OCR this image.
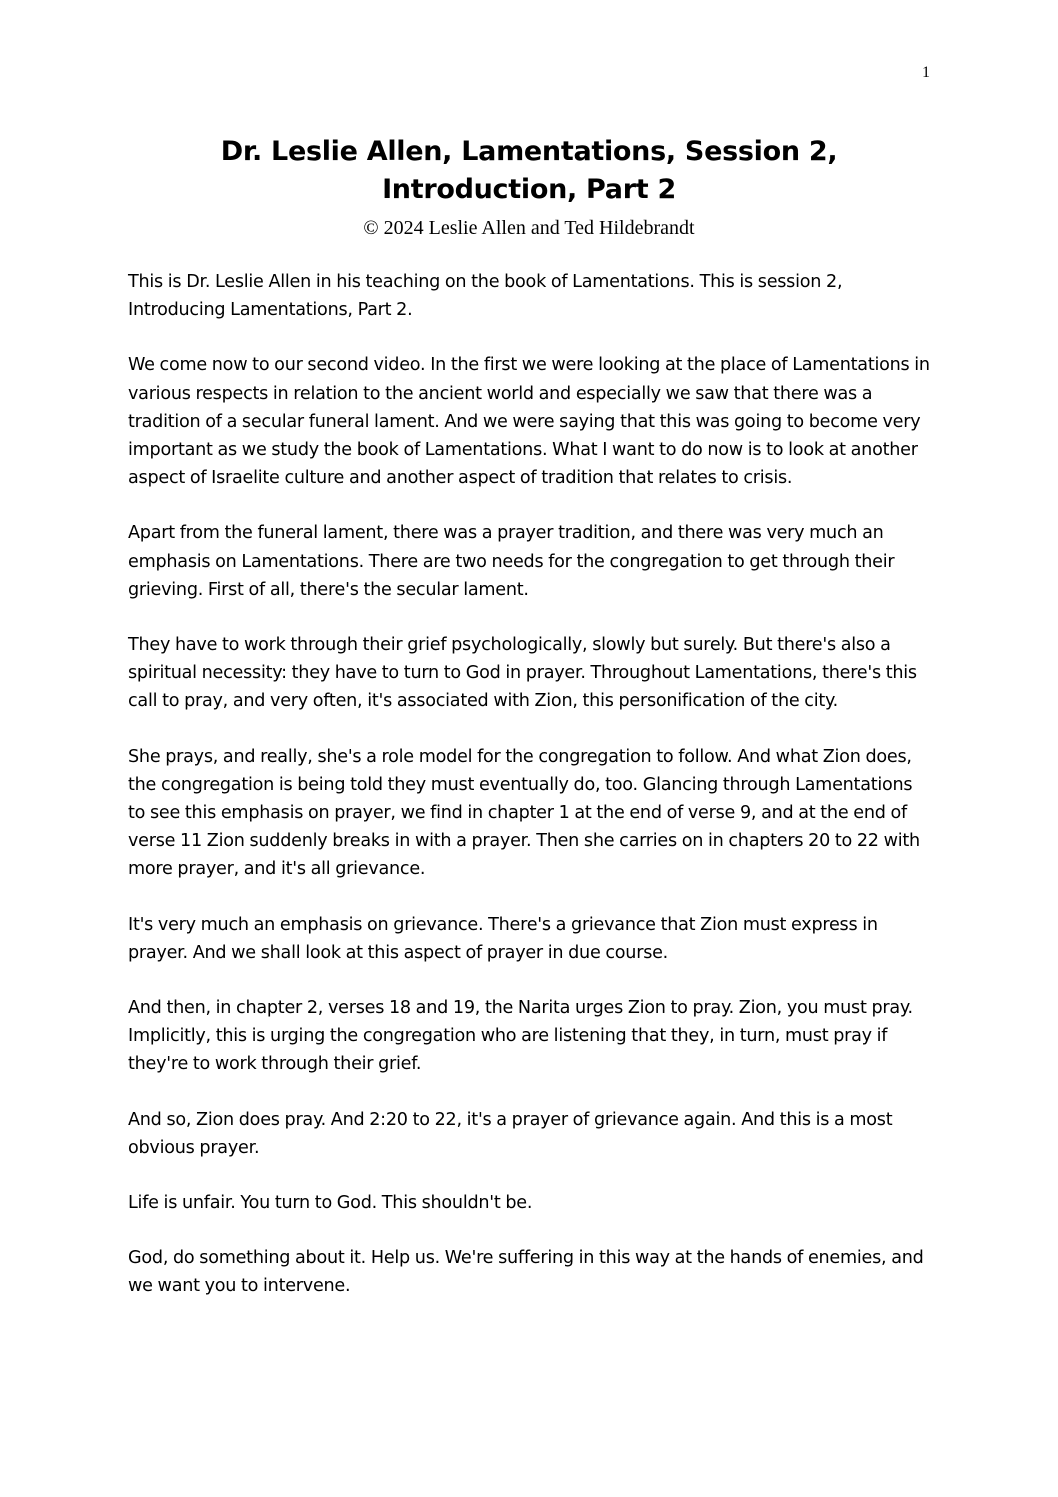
1
Dr. Leslie Allen, Lamentations, Session 2,
Introduction, Part 2
© 2024 Leslie Allen and Ted Hildebrandt

This is Dr. Leslie Allen in his teaching on the book of Lamentations. This is session 2, Introducing Lamentations, Part 2.

We come now to our second video. In the first we were looking at the place of Lamentations in various respects in relation to the ancient world and especially we saw that there was a tradition of a secular funeral lament. And we were saying that this was going to become very important as we study the book of Lamentations. What I want to do now is to look at another aspect of Israelite culture and another aspect of tradition that relates to crisis.

Apart from the funeral lament, there was a prayer tradition, and there was very much an emphasis on Lamentations. There are two needs for the congregation to get through their grieving. First of all, there's the secular lament.

They have to work through their grief psychologically, slowly but surely. But there's also a spiritual necessity: they have to turn to God in prayer. Throughout Lamentations, there's this call to pray, and very often, it's associated with Zion, this personification of the city.

She prays, and really, she's a role model for the congregation to follow. And what Zion does, the congregation is being told they must eventually do, too. Glancing through Lamentations to see this emphasis on prayer, we find in chapter 1 at the end of verse 9, and at the end of verse 11 Zion suddenly breaks in with a prayer. Then she carries on in chapters 20 to 22 with more prayer, and it's all grievance.

It's very much an emphasis on grievance. There's a grievance that Zion must express in prayer. And we shall look at this aspect of prayer in due course.

And then, in chapter 2, verses 18 and 19, the Narita urges Zion to pray. Zion, you must pray. Implicitly, this is urging the congregation who are listening that they, in turn, must pray if they're to work through their grief.

And so, Zion does pray. And 2:20 to 22, it's a prayer of grievance again. And this is a most obvious prayer.

Life is unfair. You turn to God. This shouldn't be.

God, do something about it. Help us. We're suffering in this way at the hands of enemies, and we want you to intervene.
